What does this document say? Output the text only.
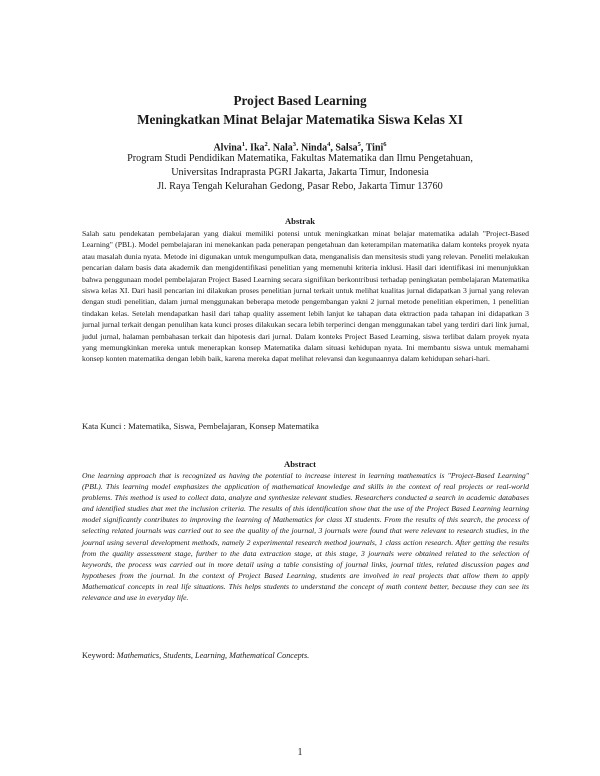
Project Based Learning
Meningkatkan Minat Belajar Matematika Siswa Kelas XI
Alvina$^1$. Ika$^2$. Nala$^3$. Ninda$^4$, Salsa$^5$, Tini$^6$
Program Studi Pendidikan Matematika, Fakultas Matematika dan Ilmu Pengetahuan,
Universitas Indraprasta PGRI Jakarta, Jakarta Timur, Indonesia
Jl. Raya Tengah Kelurahan Gedong, Pasar Rebo, Jakarta Timur 13760
Abstrak
Salah satu pendekatan pembelajaran yang diakui memiliki potensi untuk meningkatkan minat belajar matematika adalah "Project-Based Learning" (PBL). Model pembelajaran ini menekankan pada penerapan pengetahuan dan keterampilan matematika dalam konteks proyek nyata atau masalah dunia nyata. Metode ini digunakan untuk mengumpulkan data, menganalisis dan mensitesis studi yang relevan. Peneliti melakukan pencarian dalam basis data akademik dan mengidentifikasi penelitian yang memenuhi kriteria inklusi. Hasil dari identifikasi ini menunjukkan bahwa penggunaan model pembelajaran Project Based Learning secara signifikan berkontribusi terhadap peningkatan pembelajaran Matematika siswa kelas XI. Dari hasil pencarian ini dilakukan proses penelitian jurnal terkait untuk melihat kualitas jurnal didapatkan 3 jurnal yang relevan dengan studi penelitian, dalam jurnal menggunakan beberapa metode pengembangan yakni 2 jurnal metode penelitian ekperimen, 1 penelitian tindakan kelas. Setelah mendapatkan hasil dari tahap quality assement lebih lanjut ke tahapan data ektraction pada tahapan ini didapatkan 3 jurnal jurnal terkait dengan penulihan kata kunci proses dilakukan secara lebih terperinci dengan menggunakan tabel yang terdiri dari link jurnal, judul jurnal, halaman pembahasan terkait dan hipotesis dari jurnal. Dalam konteks Project Based Learning, siswa terlibat dalam proyek nyata yang memungkinkan mereka untuk menerapkan konsep Matematika dalam situasi kehidupan nyata. Ini membantu siswa untuk memahami konsep konten matematika dengan lebih baik, karena mereka dapat melihat relevansi dan kegunaannya dalam kehidupan sehari-hari.
Kata Kunci : Matematika, Siswa, Pembelajaran, Konsep Matematika
Abstract
One learning approach that is recognized as having the potential to increase interest in learning mathematics is "Project-Based Learning" (PBL). This learning model emphasizes the application of mathematical knowledge and skills in the context of real projects or real-world problems. This method is used to collect data, analyze and synthesize relevant studies. Researchers conducted a search in academic databases and identified studies that met the inclusion criteria. The results of this identification show that the use of the Project Based Learning learning model significantly contributes to improving the learning of Mathematics for class XI students. From the results of this search, the process of selecting related journals was carried out to see the quality of the journal, 3 journals were found that were relevant to research studies, in the journal using several development methods, namely 2 experimental research method journals, 1 class action research. After getting the results from the quality assessment stage, further to the data extraction stage, at this stage, 3 journals were obtained related to the selection of keywords, the process was carried out in more detail using a table consisting of journal links, journal titles, related discussion pages and hypotheses from the journal. In the context of Project Based Learning, students are involved in real projects that allow them to apply Mathematical concepts in real life situations. This helps students to understand the concept of math content better, because they can see its relevance and use in everyday life.
Keyword: Mathematics, Students, Learning, Mathematical Concepts.
1
